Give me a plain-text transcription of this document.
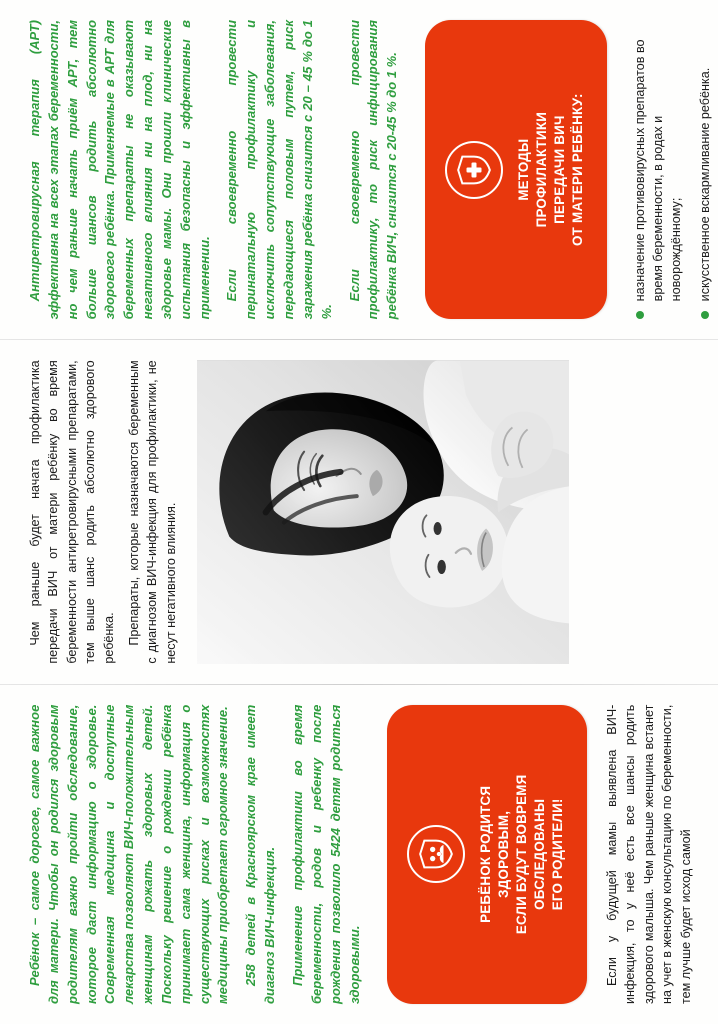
Ребёнок – самое дорогое, самое важное для матери. Чтобы он родился здоровым родителям важно пройти обследование, которое даст информацию о здоровье. Современная медицина и доступные лекарства позволяют ВИЧ-положительным женщинам рожать здоровых детей. Поскольку решение о рождении ребёнка принимает сама женщина, информация о существующих рисках и возможностях медицины приобретает огромное значение. 258 детей в Красноярском крае имеет диагноз ВИЧ-инфекция. Применение профилактики во время беременности, родов и ребенку после рождения позволило 5424 детям родиться здоровыми.

РЕБЁНОК РОДИТСЯ ЗДОРОВЫМ, ЕСЛИ БУДУТ ВОВРЕМЯ ОБСЛЕДОВАНЫ ЕГО РОДИТЕЛИ!	Если у будущей мамы выявлена ВИЧ-инфекция, то у неё есть все шансы родить здорового малыша. Чем раньше женщина встанет на учет в женскую консультацию по беременности, тем лучше будет исход самой

Чем раньше будет начата профилактика передачи ВИЧ от матери ребёнку во время беременности антиретровирусными препаратами, тем выше шанс родить абсолютно здорового ребёнка. Препараты, которые назначаются беременным с диагнозом ВИЧ-инфекция для профилактики, не несут негативного влияния.

Антиретровирусная терапия (АРТ) эффективна на всех этапах беременности, но чем раньше начать приём АРТ, тем больше шансов родить абсолютно здорового ребёнка. Применяемые в АРТ для беременных препараты не оказывают негативного влияния ни на плод, ни на здоровье мамы. Они прошли клинические испытания безопасны и эффективны в применении. Если своевременно провести перинатальную профилактику и исключить сопутствующие заболевания, передающиеся половым путем, риск заражения ребёнка снизится с 20 – 45 % до 1 %.

Если своевременно провести профилактику, то риск инфицирования ребёнка ВИЧ, снизится с 20-45 % до 1 %.	МЕТОДЫ ПРОФИЛАКТИКИ ПЕРЕДАЧИ ВИЧ ОТ МАТЕРИ РЕБЁНКУ:	назначение противовирусных препаратов во время беременности, в родах и новорождённому; искусственное вскармливание ребёнка.
